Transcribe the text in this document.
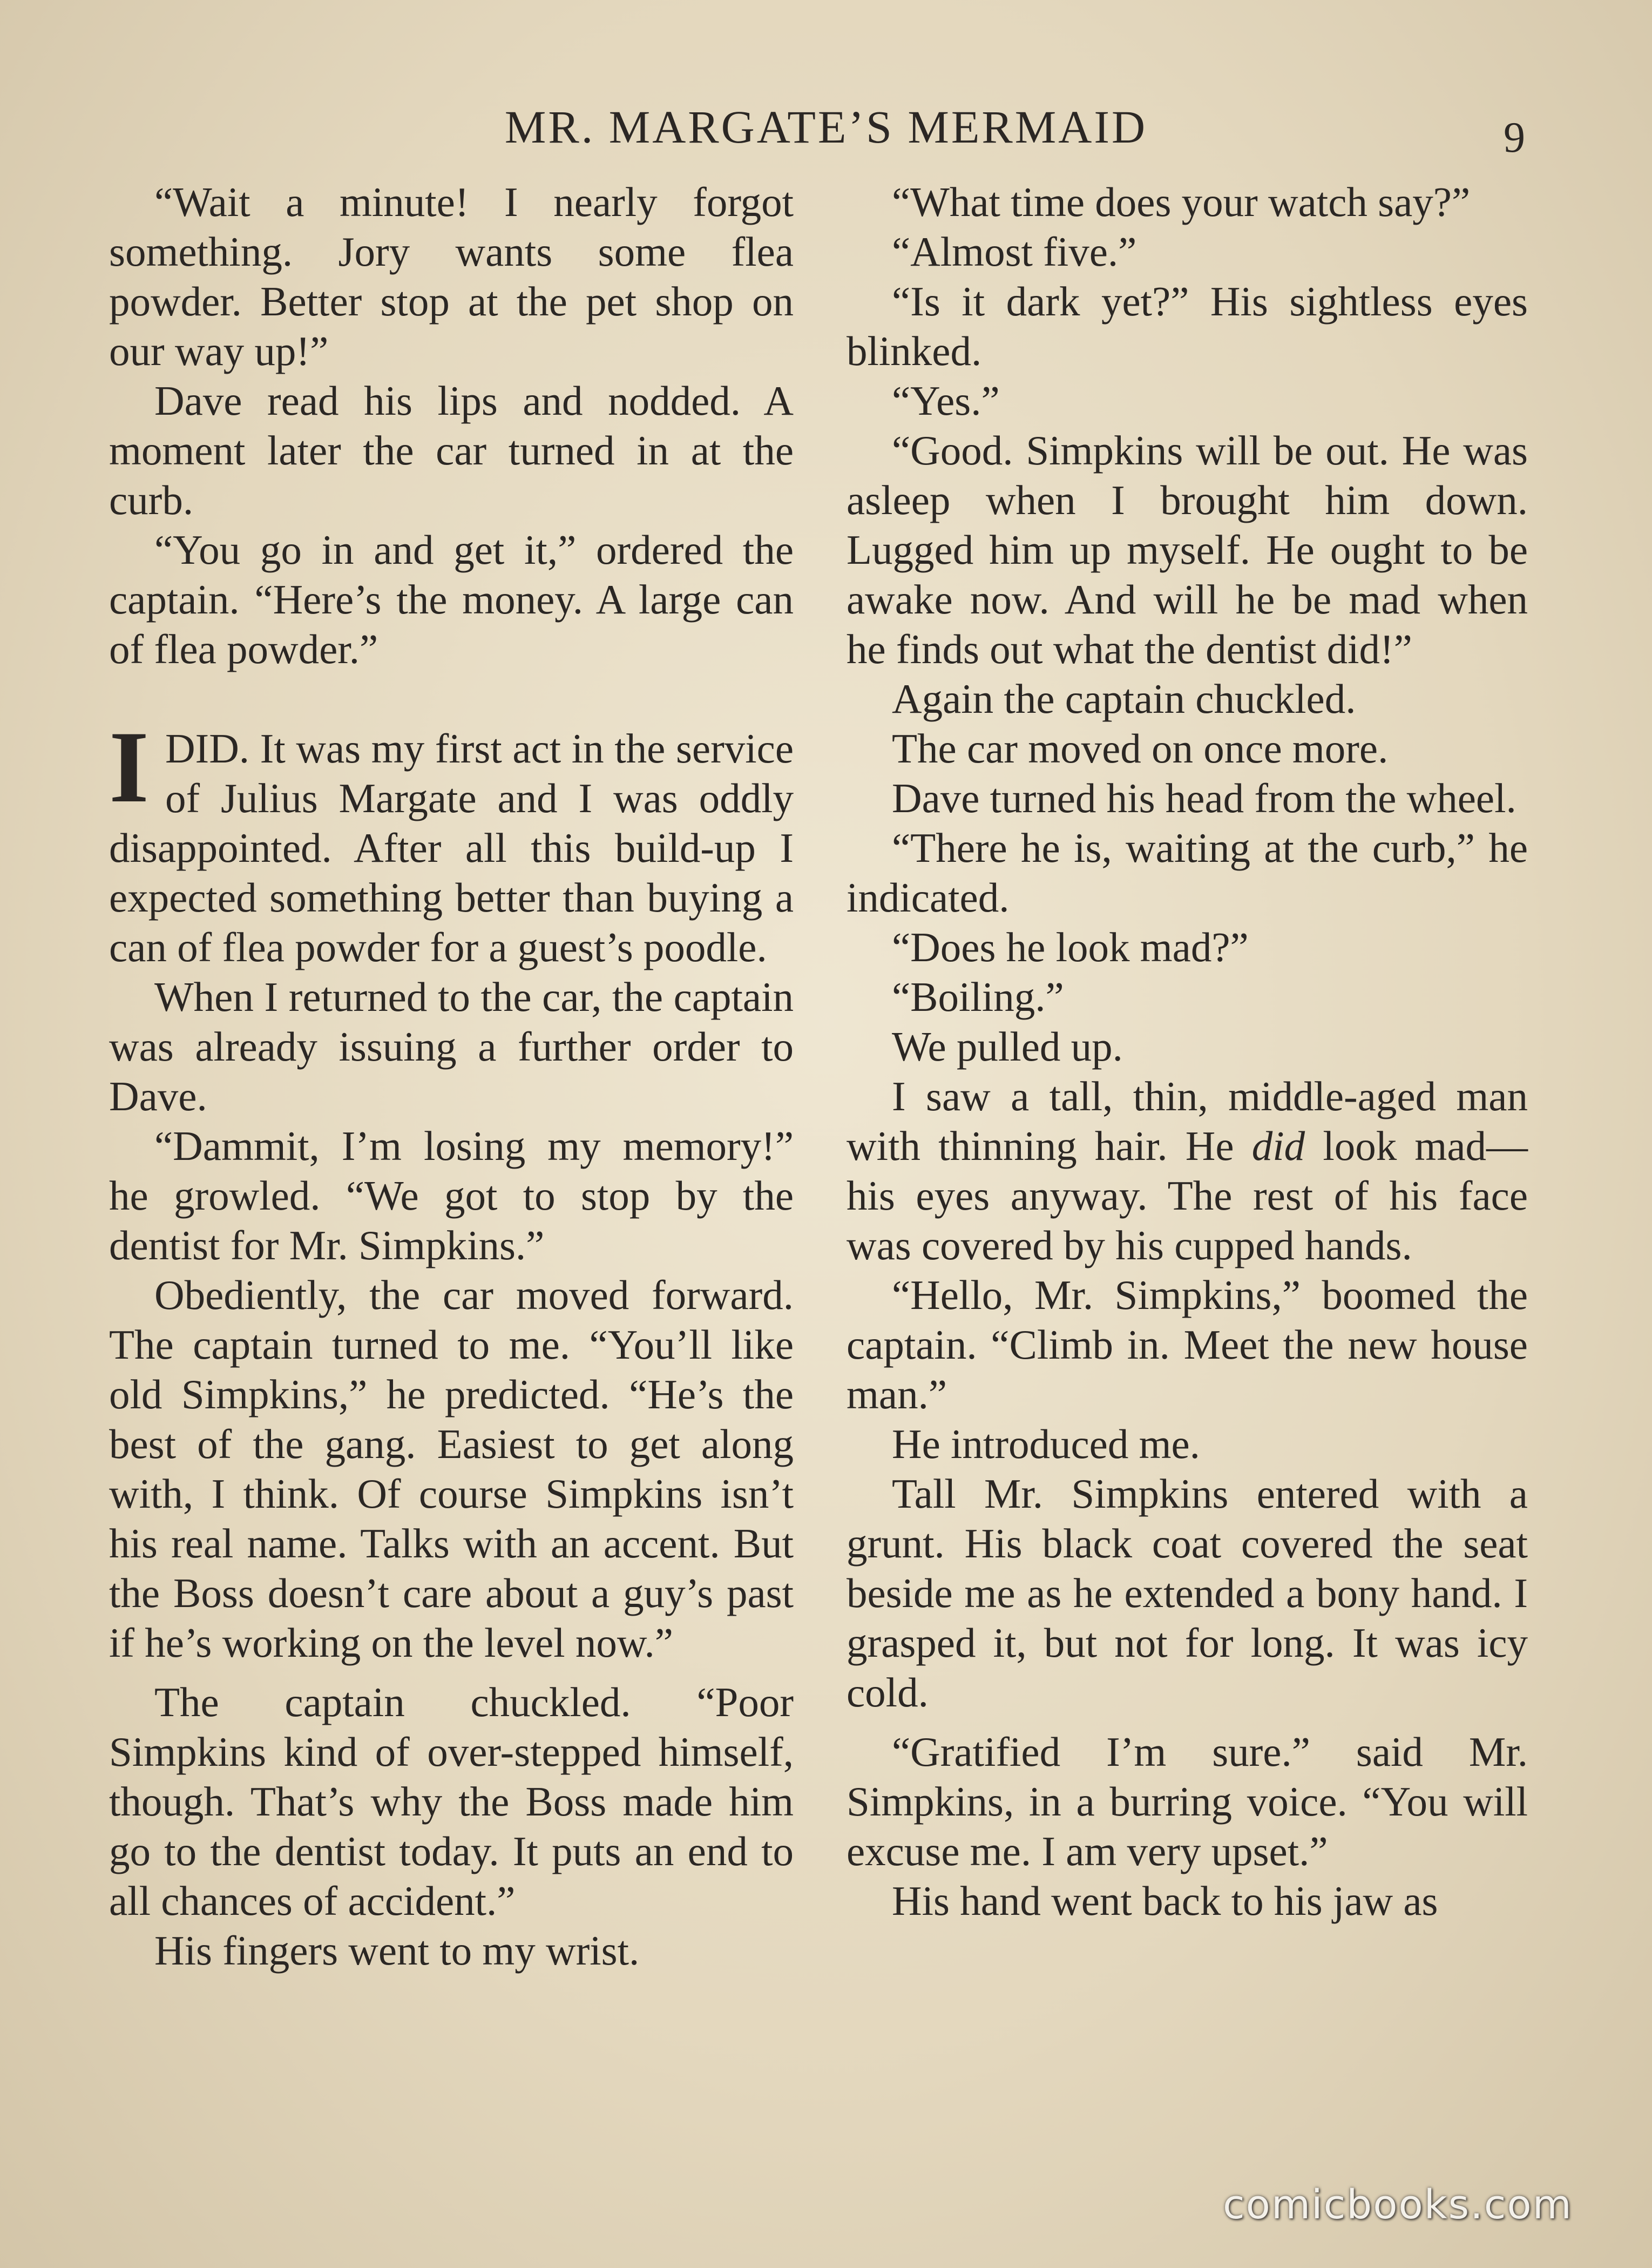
MR. MARGATE’S MERMAID	9

“Wait a minute! I nearly forgot something. Jory wants some flea powder. Better stop at the pet shop on our way up!”

Dave read his lips and nodded. A moment later the car turned in at the curb.

“You go in and get it,” ordered the captain. “Here’s the money. A large can of flea powder.”

IDID. It was my first act in the service of Julius Margate and I was oddly disappointed. After all this build-up I expected something better than buying a can of flea powder for a guest’s poodle.

When I returned to the car, the captain was already issuing a further order to Dave.

“Dammit, I’m losing my memory!” he growled. “We got to stop by the dentist for Mr. Simpkins.”

Obediently, the car moved forward. The captain turned to me. “You’ll like old Simpkins,” he predicted. “He’s the best of the gang. Easiest to get along with, I think. Of course Simpkins isn’t his real name. Talks with an accent. But the Boss doesn’t care about a guy’s past if he’s working on the level now.”

The captain chuckled. “Poor Simpkins kind of over-stepped himself, though. That’s why the Boss made him go to the dentist today. It puts an end to all chances of accident.”

His fingers went to my wrist.

“What time does your watch say?”

“Almost five.”

“Is it dark yet?” His sightless eyes blinked.

“Yes.”

“Good. Simpkins will be out. He was asleep when I brought him down. Lugged him up myself. He ought to be awake now. And will he be mad when he finds out what the dentist did!”

Again the captain chuckled.

The car moved on once more.

Dave turned his head from the wheel.

“There he is, waiting at the curb,” he indicated.

“Does he look mad?”

“Boiling.”

We pulled up.

I saw a tall, thin, middle-aged man with thinning hair. He did look mad—his eyes anyway. The rest of his face was covered by his cupped hands.

“Hello, Mr. Simpkins,” boomed the captain. “Climb in. Meet the new house man.”

He introduced me.

Tall Mr. Simpkins entered with a grunt. His black coat covered the seat beside me as he extended a bony hand. I grasped it, but not for long. It was icy cold.

“Gratified I’m sure.” said Mr. Simpkins, in a burring voice. “You will excuse me. I am very upset.”

His hand went back to his jaw as

comicbooks.com
